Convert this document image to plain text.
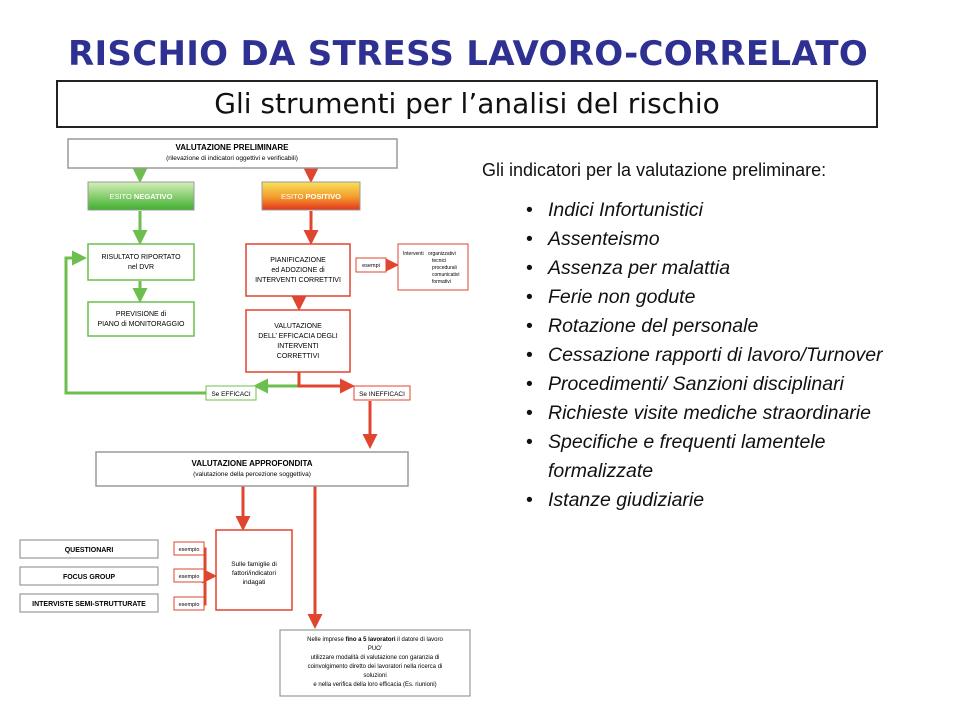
RISCHIO DA STRESS LAVORO-CORRELATO
Gli strumenti per l’analisi del rischio
VALUTAZIONE PRELIMINARE
(rilevazione di indicatori oggettivi e verificabili)
ESITO NEGATIVO	ESITO POSITIVO
RISULTATO RIPORTATO
nel DVR
PREVISIONE di
PIANO di MONITORAGGIO
PIANIFICAZIONE
ed ADOZIONE di
INTERVENTI CORRETTIVI
esempi
Interventi organizzativi
tecnici
procedurali
comunicativi
formativi
VALUTAZIONE
DELL’ EFFICACIA DEGLI
INTERVENTI
CORRETTIVI
Se EFFICACI	Se INEFFICACI
VALUTAZIONE APPROFONDITA
(valutazione della percezione soggettiva)
QUESTIONARI
FOCUS GROUP
INTERVISTE SEMI-STRUTTURATE
esempio
esempio
esempio
Sulle famiglie di
fattori/indicatori
indagati
Nelle imprese fino a 5 lavoratori il datore di lavoro
PUO’
utilizzare modalità di valutazione con garanzia di
coinvolgimento diretto dei lavoratori nella ricerca di
soluzioni
e nella verifica della loro efficacia (Es. riunioni)
Gli indicatori per la valutazione preliminare:
• Indici Infortunistici
• Assenteismo
• Assenza per malattia
• Ferie non godute
• Rotazione del personale
• Cessazione rapporti di lavoro/Turnover
• Procedimenti/ Sanzioni disciplinari
• Richieste visite mediche straordinarie
• Specifiche e frequenti lamentele formalizzate
• Istanze giudiziarie
